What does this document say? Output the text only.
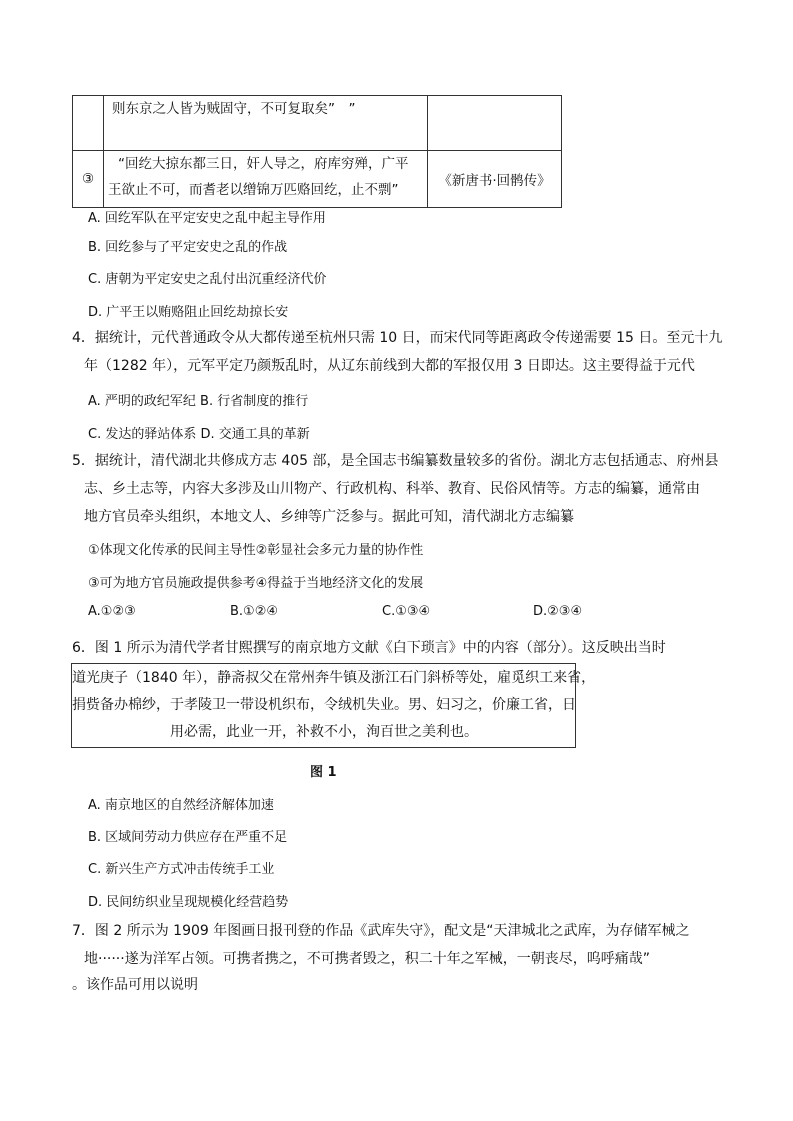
	则东京之人皆为贼固守，不可复取矣”　”	

③	“回纥大掠东都三日，奸人导之，府库穷殚，广平
王欲止不可，而耆老以缯锦万匹赂回纥，止不剽”	《新唐书·回鹘传》
A. 回纥军队在平定安史之乱中起主导作用
B. 回纥参与了平定安史之乱的作战
C. 唐朝为平定安史之乱付出沉重经济代价
D. 广平王以贿赂阻止回纥劫掠长安
4．据统计，元代普通政令从大都传递至杭州只需 10 日，而宋代同等距离政令传递需要 15 日。至元十九
年（1282 年），元军平定乃颜叛乱时，从辽东前线到大都的军报仅用 3 日即达。这主要得益于元代
A. 严明的政纪军纪 B. 行省制度的推行
C. 发达的驿站体系 D. 交通工具的革新
5．据统计，清代湖北共修成方志 405 部，是全国志书编纂数量较多的省份。湖北方志包括通志、府州县
志、乡土志等，内容大多涉及山川物产、行政机构、科举、教育、民俗风情等。方志的编纂，通常由
地方官员牵头组织，本地文人、乡绅等广泛参与。据此可知，清代湖北方志编纂
①体现文化传承的民间主导性②彰显社会多元力量的协作性
③可为地方官员施政提供参考④得益于当地经济文化的发展
A.①②③	B.①②④	C.①③④	D.②③④
6．图 1 所示为清代学者甘熙撰写的南京地方文献《白下琐言》中的内容（部分）。这反映出当时
道光庚子（1840 年），静斋叔父在常州奔牛镇及浙江石门斜桥等处，雇觅织工来省，
捐赀备办棉纱，于孝陵卫一带设机织布，令绒机失业。男、妇习之，价廉工省，日
用必需，此业一开，补救不小，洵百世之美利也。
图 1
A. 南京地区的自然经济解体加速
B. 区域间劳动力供应存在严重不足
C. 新兴生产方式冲击传统手工业
D. 民间纺织业呈现规模化经营趋势
7．图 2 所示为 1909 年图画日报刊登的作品《武库失守》，配文是“天津城北之武库，为存储军械之
地······遂为洋军占领。可携者携之，不可携者毁之，积二十年之军械，一朝丧尽，呜呼痛哉”
。该作品可用以说明
